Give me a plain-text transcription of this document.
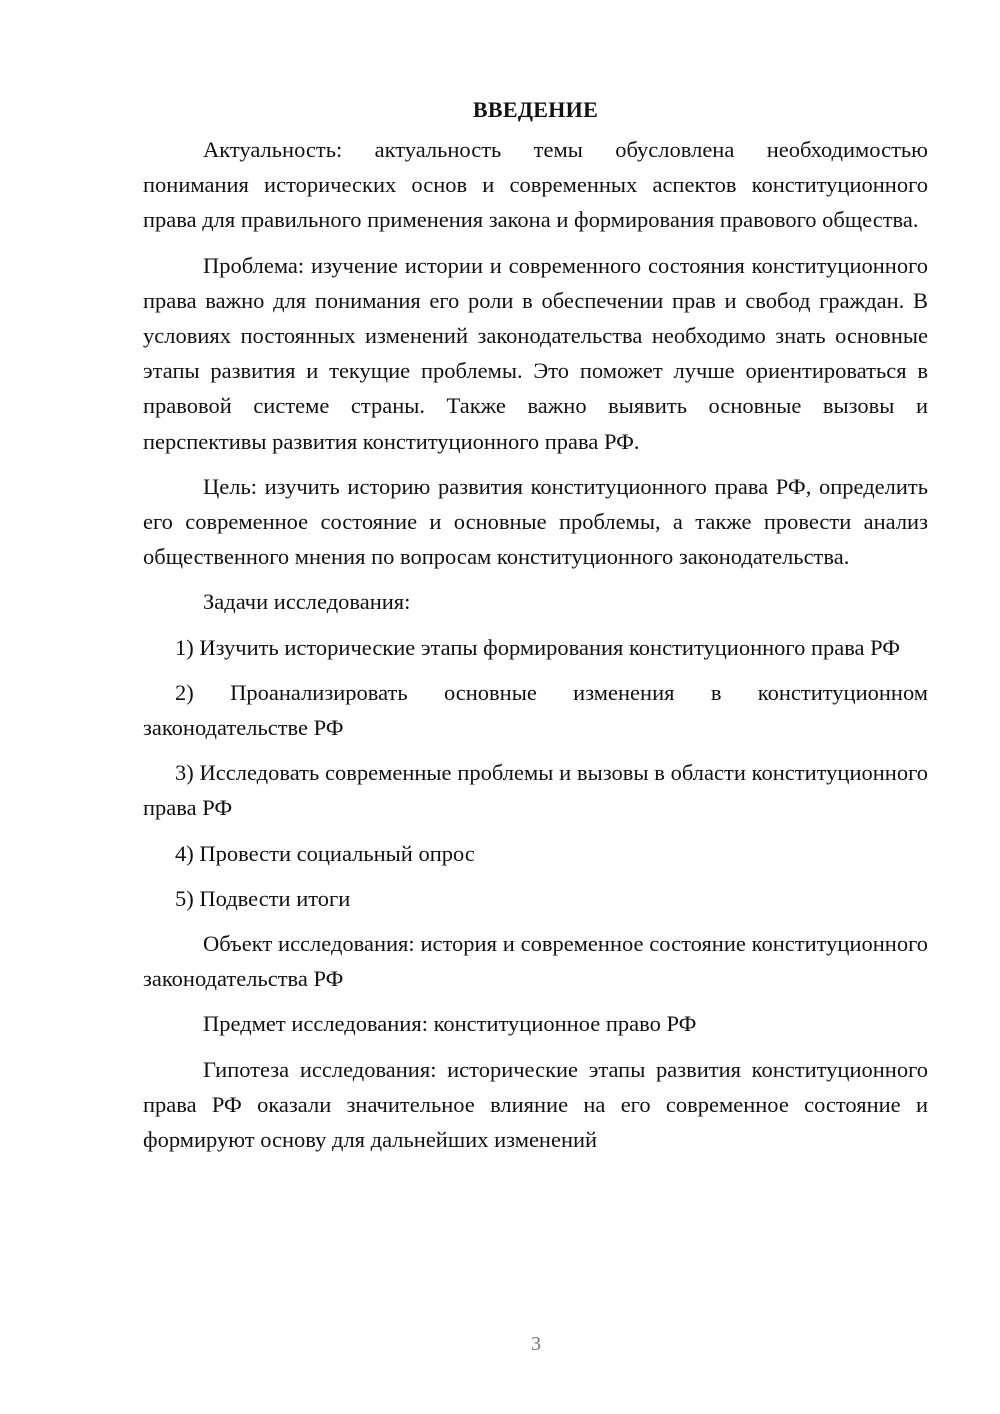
ВВЕДЕНИЕ

Актуальность: актуальность темы обусловлена необходимостью понимания исторических основ и современных аспектов конституционного права для правильного применения закона и формирования правового общества.

Проблема: изучение истории и современного состояния конституционного права важно для понимания его роли в обеспечении прав и свобод граждан. В условиях постоянных изменений законодательства необходимо знать основные этапы развития и текущие проблемы. Это поможет лучше ориентироваться в правовой системе страны. Также важно выявить основные вызовы и перспективы развития конституционного права РФ.

Цель: изучить историю развития конституционного права РФ, определить его современное состояние и основные проблемы, а также провести анализ общественного мнения по вопросам конституционного законодательства.

Задачи исследования:

1) Изучить исторические этапы формирования конституционного права РФ

2) Проанализировать основные изменения в конституционном законодательстве РФ

3) Исследовать современные проблемы и вызовы в области конституционного права РФ

4) Провести социальный опрос

5) Подвести итоги

Объект исследования: история и современное состояние конституционного законодательства РФ

Предмет исследования: конституционное право РФ

Гипотеза исследования: исторические этапы развития конституционного права РФ оказали значительное влияние на его современное состояние и формируют основу для дальнейших изменений

3
